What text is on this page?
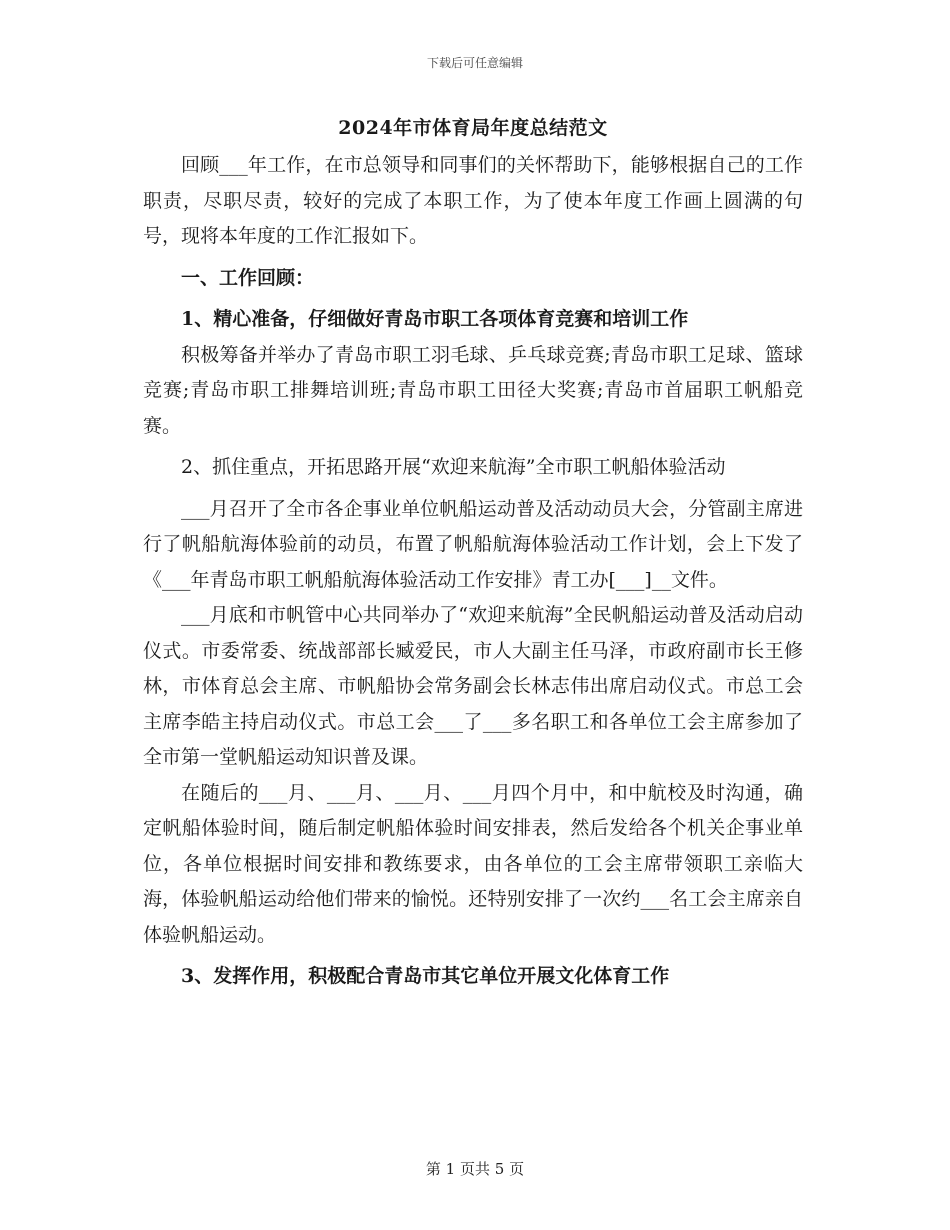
下载后可任意编辑
2024年市体育局年度总结范文

回顾___年工作，在市总领导和同事们的关怀帮助下，能够根据自己的工作职责，尽职尽责，较好的完成了本职工作，为了使本年度工作画上圆满的句号，现将本年度的工作汇报如下。

一、工作回顾：

1、精心准备，仔细做好青岛市职工各项体育竞赛和培训工作

积极筹备并举办了青岛市职工羽毛球、乒乓球竞赛;青岛市职工足球、篮球竞赛;青岛市职工排舞培训班;青岛市职工田径大奖赛;青岛市首届职工帆船竞赛。

2、抓住重点，开拓思路开展“欢迎来航海”全市职工帆船体验活动

___月召开了全市各企事业单位帆船运动普及活动动员大会，分管副主席进行了帆船航海体验前的动员，布置了帆船航海体验活动工作计划，会上下发了《___年青岛市职工帆船航海体验活动工作安排》青工办[___]__文件。

___月底和市帆管中心共同举办了“欢迎来航海”全民帆船运动普及活动启动仪式。市委常委、统战部部长臧爱民，市人大副主任马泽，市政府副市长王修林，市体育总会主席、市帆船协会常务副会长林志伟出席启动仪式。市总工会主席李皓主持启动仪式。市总工会___了___多名职工和各单位工会主席参加了全市第一堂帆船运动知识普及课。

在随后的___月、___月、___月、___月四个月中，和中航校及时沟通，确定帆船体验时间，随后制定帆船体验时间安排表，然后发给各个机关企事业单位，各单位根据时间安排和教练要求，由各单位的工会主席带领职工亲临大海，体验帆船运动给他们带来的愉悦。还特别安排了一次约___名工会主席亲自体验帆船运动。

3、发挥作用，积极配合青岛市其它单位开展文化体育工作

第 1 页共 5 页
